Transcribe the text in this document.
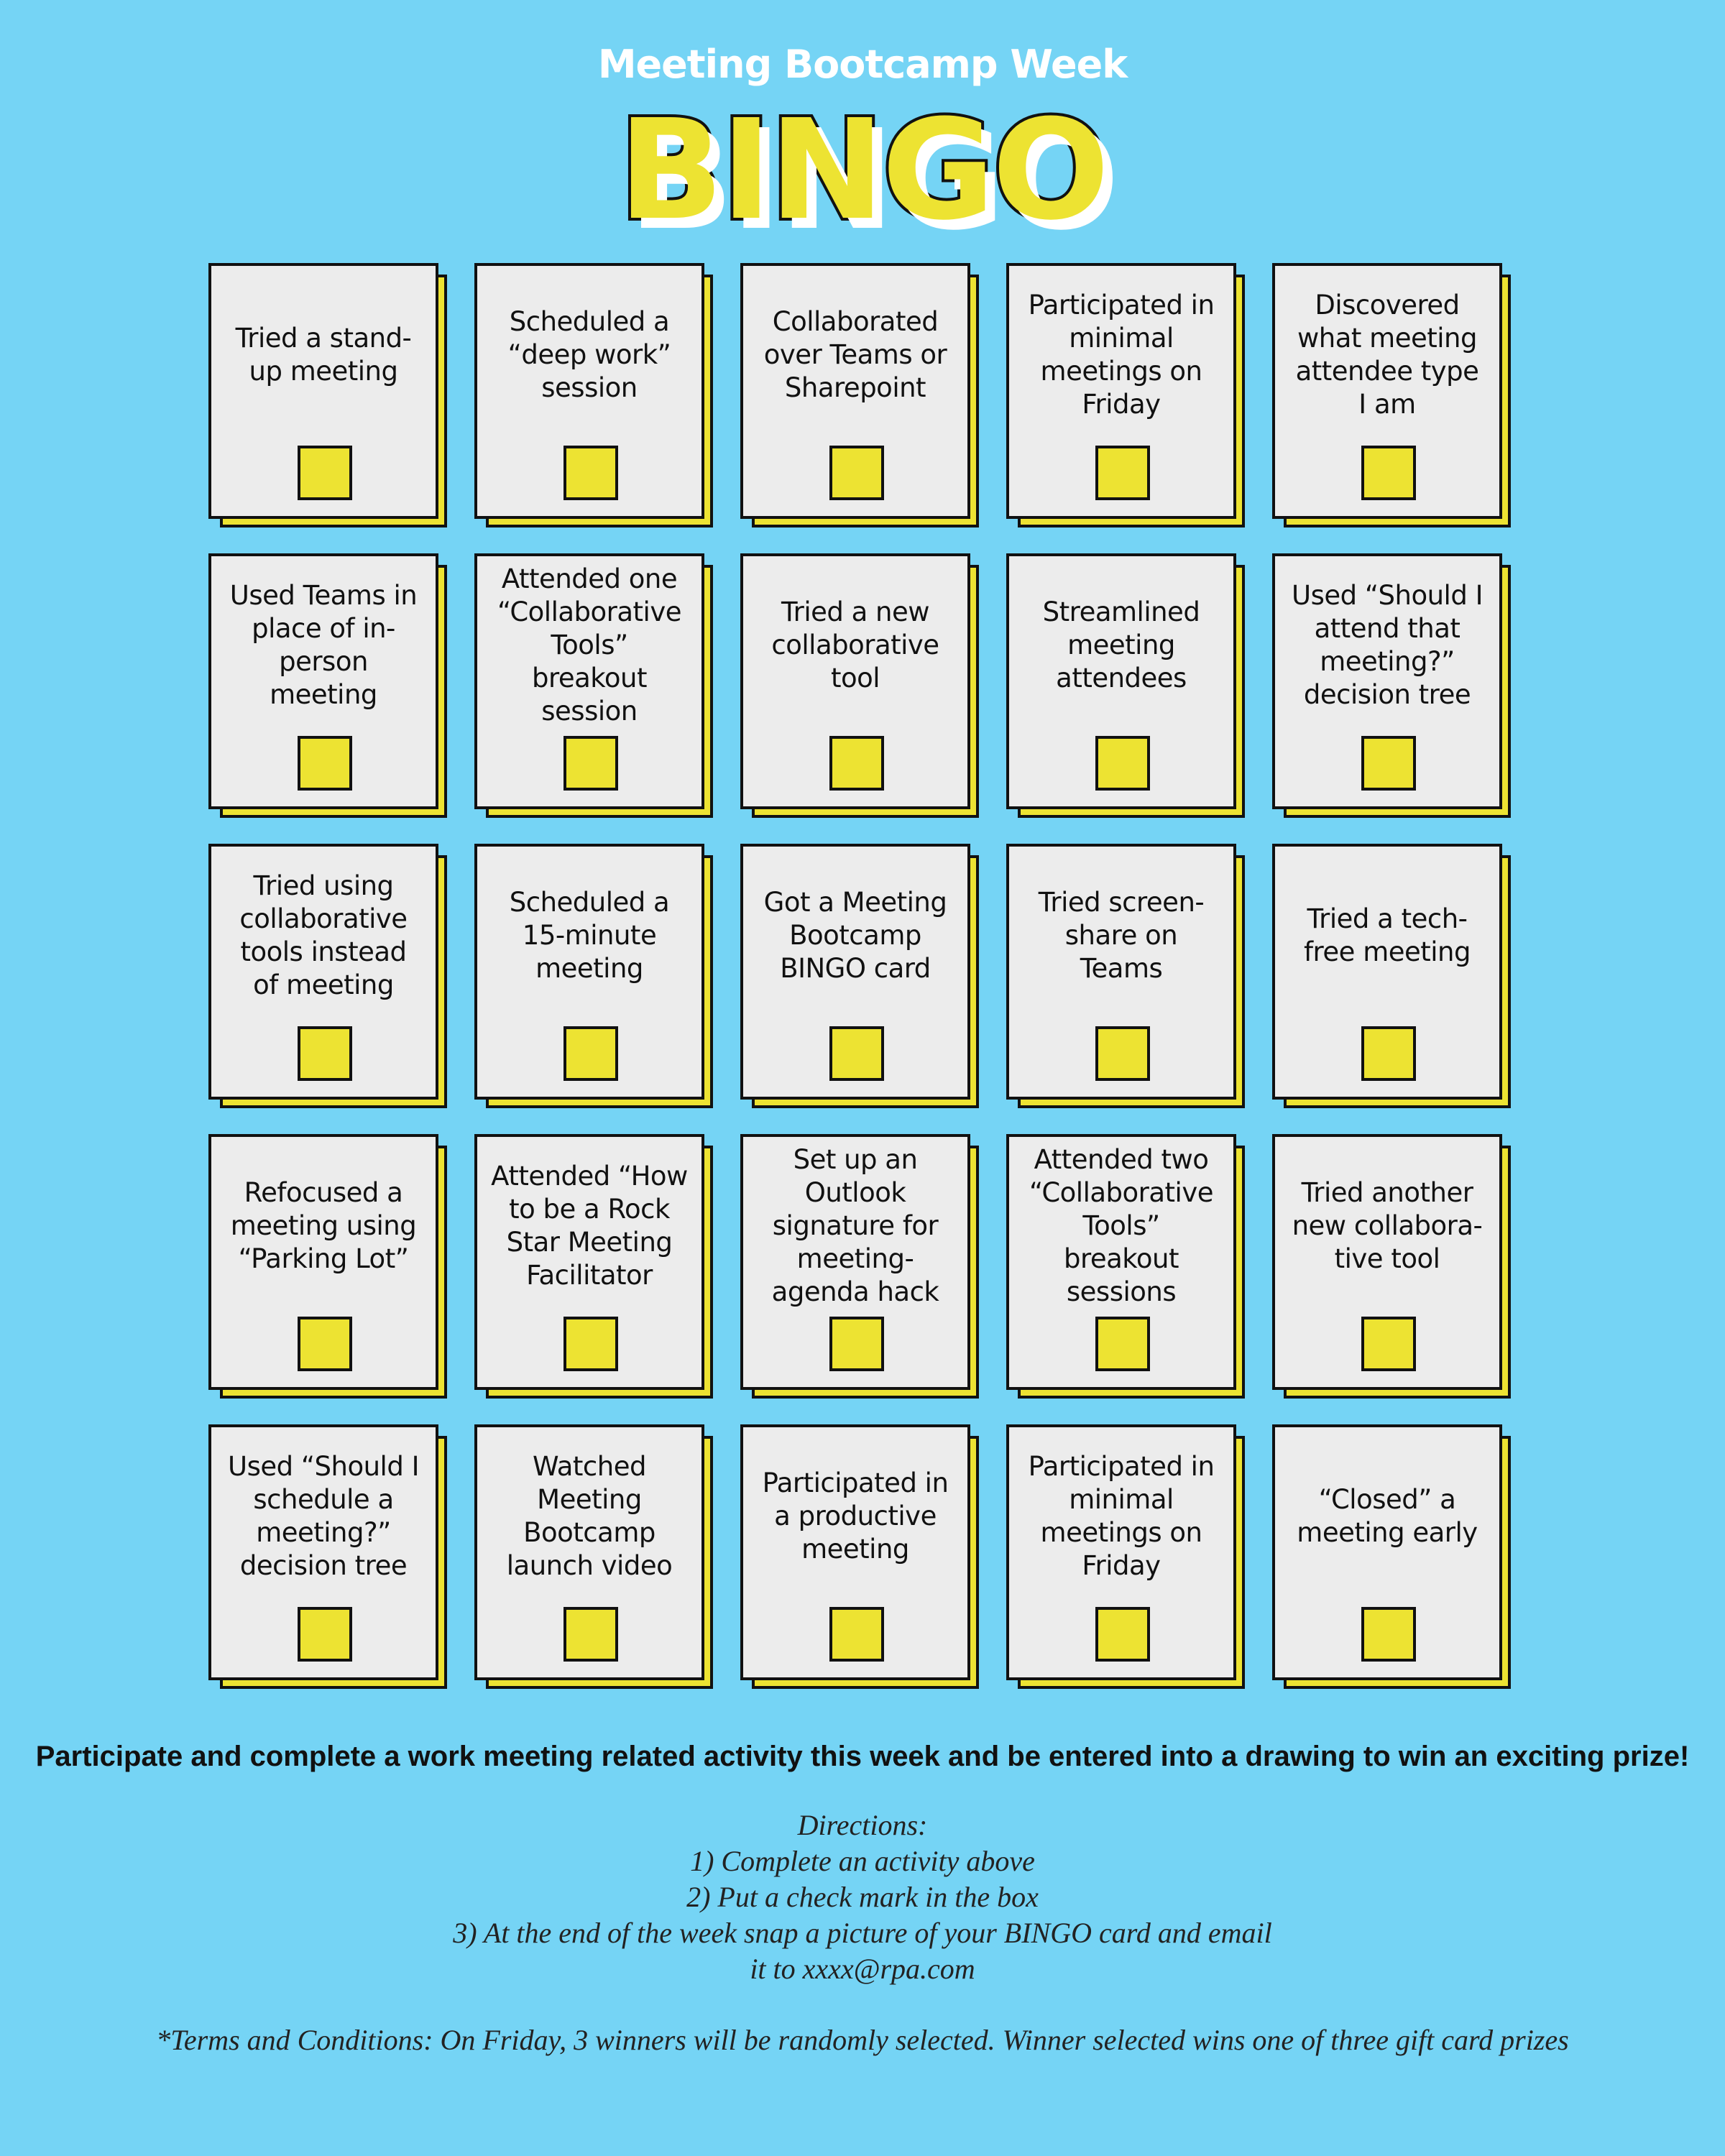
Meeting Bootcamp Week
BINGO
Tried a stand-up meeting
Scheduled a “deep work” session
Collaborated over Teams or Sharepoint
Participated in minimal meetings on Friday
Discovered what meeting attendee type I am
Used Teams in place of in-person meeting
Attended one “Collaborative Tools” breakout session
Tried a new collaborative tool
Streamlined meeting attendees
Used “Should I attend that meeting?” decision tree
Tried using collaborative tools instead of meeting
Scheduled a 15-minute meeting
Got a Meeting Bootcamp BINGO card
Tried screen-share on Teams
Tried a tech-free meeting
Refocused a meeting using “Parking Lot”
Attended “How to be a Rock Star Meeting Facilitator
Set up an Outlook signature for meeting-agenda hack
Attended two “Collaborative Tools” breakout sessions
Tried another new collabora-tive tool
Used “Should I schedule a meeting?” decision tree
Watched Meeting Bootcamp launch video
Participated in a productive meeting
Participated in minimal meetings on Friday
“Closed” a meeting early

Participate and complete a work meeting related activity this week and be entered into a drawing to win an exciting prize!

Directions:
1) Complete an activity above
2) Put a check mark in the box
3) At the end of the week snap a picture of your BINGO card and email
it to xxxx@rpa.com

*Terms and Conditions: On Friday, 3 winners will be randomly selected. Winner selected wins one of three gift card prizes
